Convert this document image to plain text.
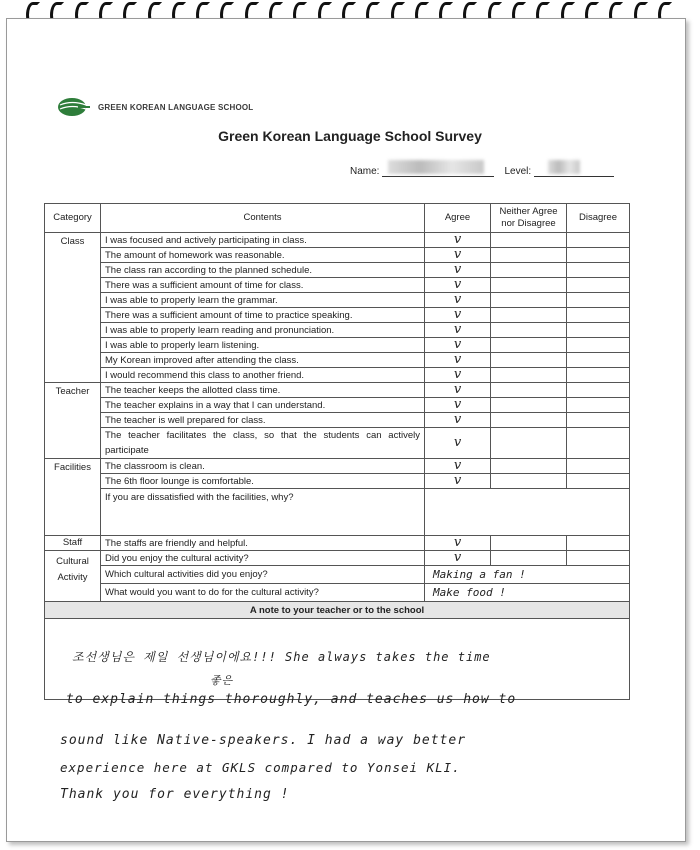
GREEN KOREAN LANGUAGE SCHOOL
Green Korean Language School Survey
Name:	Level:
Category	Contents	Agree	Neither Agree nor Disagree	Disagree
Class	I was focused and actively participating in class.	v		
	The amount of homework was reasonable.	v		
	The class ran according to the planned schedule.	v		
	There was a sufficient amount of time for class.	v		
	I was able to properly learn the grammar.	v		
	There was a sufficient amount of time to practice speaking.	v		
	I was able to properly learn reading and pronunciation.	v		
	I was able to properly learn listening.	v		
	My Korean improved after attending the class.	v		
	I would recommend this class to another friend.	v		
Teacher	The teacher keeps the allotted class time.	v		
	The teacher explains in a way that I can understand.	v		
	The teacher is well prepared for class.	v		
	The teacher facilitates the class, so that the students can actively participate	v		
Facilities	The classroom is clean.	v		
	The 6th floor lounge is comfortable.	v		
	If you are dissatisfied with the facilities, why?			
Staff	The staffs are friendly and helpful.	v		
Cultural Activity	Did you enjoy the cultural activity?	v		
	Which cultural activities did you enjoy?	Making a fan !		
	What would you want to do for the cultural activity?	Make food !		
A note to your teacher or to the school				

조선생님은 제일 선생님이에요!!! She always takes the time
좋은
to explain things thoroughly, and teaches us how to
sound like Native-speakers. I had a way better
experience here at GKLS compared to Yonsei KLI.
Thank you for everything !
